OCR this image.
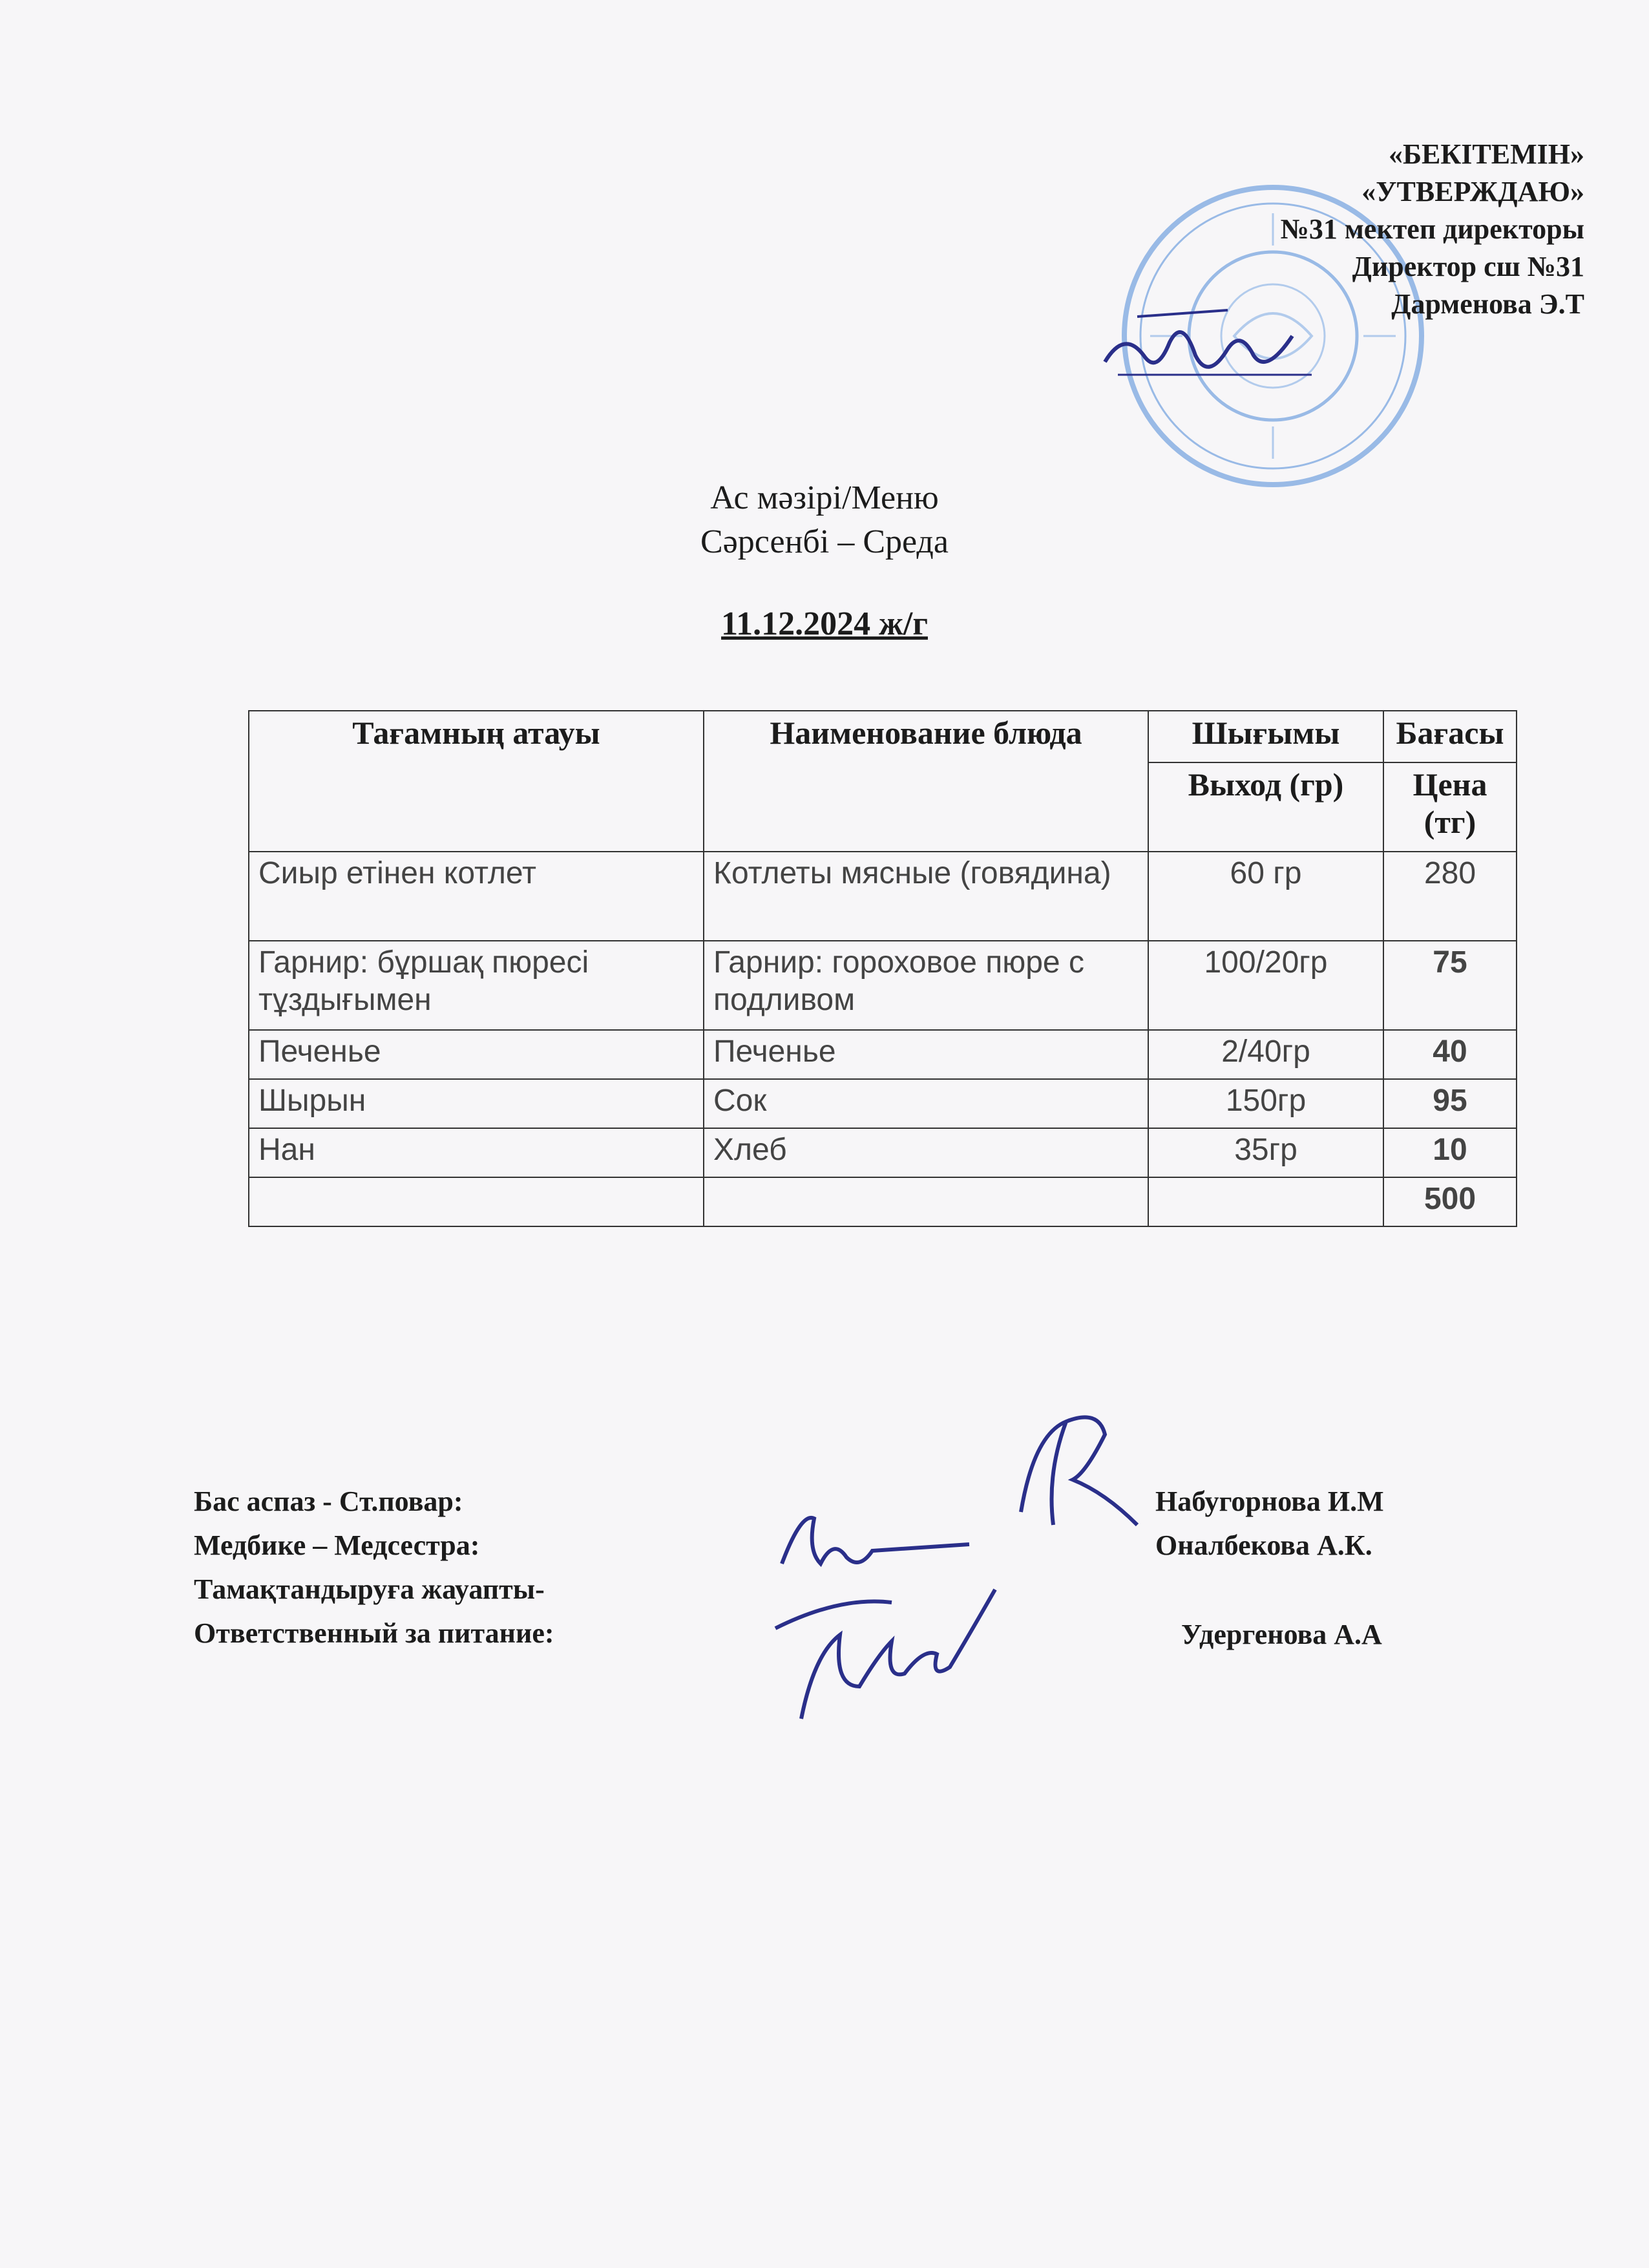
«БЕКІТЕМІН»
«УТВЕРЖДАЮ»
№31 мектеп директоры
Директор сш №31
Дарменова Э.Т
Ас мәзірі/Меню
Сәрсенбі – Среда
11.12.2024 ж/г
Тағамның атауы	Наименование блюда	Шығымы	Бағасы
		Выход (гр)	Цена (тг)
Сиыр етінен котлет	Котлеты мясные (говядина)	60 гр	280
Гарнир: бұршақ пюресі тұздығымен	Гарнир: гороховое пюре с подливом	100/20гр	75
Печенье	Печенье	2/40гр	40
Шырын	Сок	150гр	95
Нан	Хлеб	35гр	10
			500
Бас аспаз - Ст.повар:
Медбике – Медсестра:
Тамақтандыруға жауапты-
Ответственный за питание:
Набугорнова И.М
Оналбекова А.К.
Удергенова А.А
